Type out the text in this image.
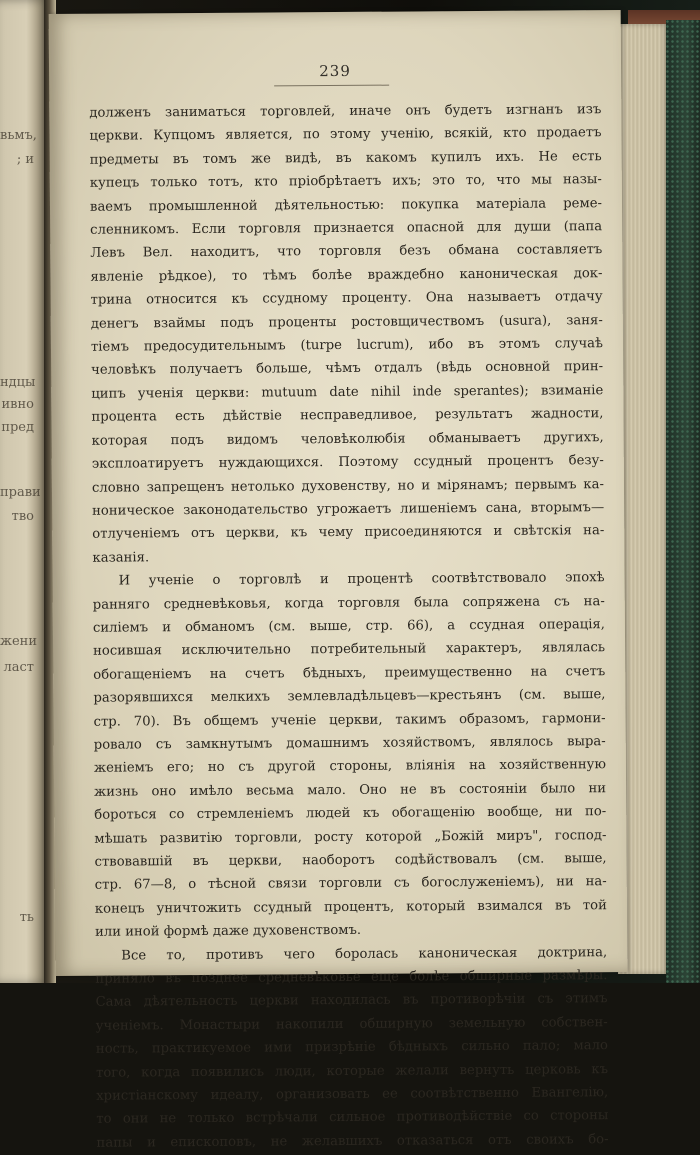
вьмъ,
; и
ндцы
ивно
пред
прави
тво
жени
ласт
ть
239
долженъ заниматься торговлей, иначе онъ будетъ изгнанъ изъ
церкви. Купцомъ является, по этому ученію, всякій, кто продаетъ
предметы въ томъ же видѣ, въ какомъ купилъ ихъ. Не есть
купецъ только тотъ, кто пріобрѣтаетъ ихъ; это то, что мы назы-
ваемъ промышленной дѣятельностью: покупка матеріала ремe-
сленникомъ. Если торговля признается опасной для души (папа
Левъ Вел. находитъ, что торговля безъ обмана составляетъ
явленіе рѣдкое), то тѣмъ болѣе враждебно каноническая док-
трина относится къ ссудному проценту. Она называетъ отдачу
денегъ взаймы подъ проценты ростовщичествомъ (usura), заня-
тіемъ предосудительнымъ (turpe lucrum), ибо въ этомъ случаѣ
человѣкъ получаетъ больше, чѣмъ отдалъ (вѣдь основной прин-
ципъ ученія церкви: mutuum date nihil inde sperantes); взиманіе
процента есть дѣйствіе несправедливое, результатъ жадности,
которая подъ видомъ человѣколюбія обманываетъ другихъ,
эксплоатируетъ нуждающихся. Поэтому ссудный процентъ безу-
словно запрещенъ нетолько духовенству, но и мірянамъ; первымъ ка-
ноническое законодательство угрожаетъ лишеніемъ сана, вторымъ—
отлученіемъ отъ церкви, къ чему присоединяются и свѣтскія на-
казанія.
И ученіе о торговлѣ и процентѣ соотвѣтствовало эпохѣ
ранняго средневѣковья, когда торговля была сопряжена съ на-
силіемъ и обманомъ (см. выше, стр. 66), а ссудная операція,
носившая исключительно потребительный характеръ, являлась
обогащеніемъ на счетъ бѣдныхъ, преимущественно на счетъ
разорявшихся мелкихъ землевладѣльцевъ—крестьянъ (см. выше,
стр. 70). Въ общемъ ученіе церкви, такимъ образомъ, гармони-
ровало съ замкнутымъ домашнимъ хозяйствомъ, являлось выра-
женіемъ его; но съ другой стороны, вліянія на хозяйственную
жизнь оно имѣло весьма мало. Оно не въ состояніи было ни
бороться со стремленіемъ людей къ обогащенію вообще, ни по-
мѣшать развитію торговли, росту которой „Божій миръ", господ-
ствовавшій въ церкви, наоборотъ содѣйствовалъ (см. выше,
стр. 67—8, о тѣсной связи торговли съ богослуженіемъ), ни на-
конецъ уничтожить ссудный процентъ, который взимался въ той
или иной формѣ даже духовенствомъ.
Все то, противъ чего боролась каноническая доктрина,
приняло въ позднее средневѣковье еще болѣе обширные размѣры.
Сама дѣятельность церкви находилась въ противорѣчіи съ этимъ
ученіемъ. Монастыри накопили обширную земельную собствен-
ность, практикуемое ими призрѣніе бѣдныхъ сильно пало; мало
того, когда появились люди, которые желали вернуть церковь къ
христіанскому идеалу, организовать ее соотвѣтственно Евангелію,
то они не только встрѣчали сильное противодѣйствіе со стороны
папы и епископовъ, не желавшихъ отказаться отъ своихъ бо-
